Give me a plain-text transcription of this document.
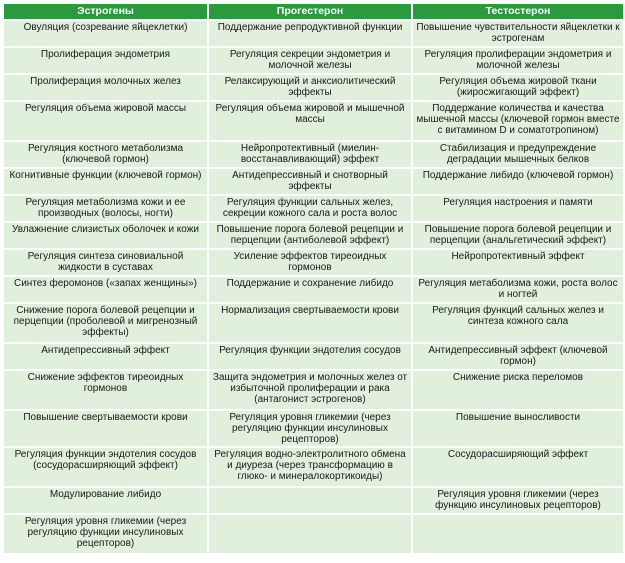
Эстрогены	Прогестерон	Тестостерон
Овуляция (созревание яйцеклетки)	Поддержание репродуктивной функции	Повышение чувствительности яйцеклетки к эстрогенам
Пролиферация эндометрия	Регуляция секреции эндометрия и молочной железы	Регуляция пролиферации эндометрия и молочной железы
Пролиферация молочных желез	Релаксирующий и анксиолитический эффекты	Регуляция объема жировой ткани (жиросжигающий эффект)
Регуляция объема жировой массы	Регуляция объема жировой и мышечной массы	Поддержание количества и качества мышечной массы (ключевой гормон вместе с витамином D и соматотропином)
Регуляция костного метаболизма (ключевой гормон)	Нейропротективный (миелин-восстанавливающий) эффект	Стабилизация и предупреждение деградации мышечных белков
Когнитивные функции (ключевой гормон)	Антидепрессивный и снотворный эффекты	Поддержание либидо (ключевой гормон)
Регуляция метаболизма кожи и ее производных (волосы, ногти)	Регуляция функции сальных желез, секреции кожного сала и роста волос	Регуляция настроения и памяти
Увлажнение слизистых оболочек и кожи	Повышение порога болевой рецепции и перцепции (антиболевой эффект)	Повышение порога болевой рецепции и перцепции (анальгетический эффект)
Регуляция синтеза синовиальной жидкости в суставах	Усиление эффектов тиреоидных гормонов	Нейропротективный эффект
Синтез феромонов («запах женщины»)	Поддержание и сохранение либидо	Регуляция метаболизма кожи, роста волос и ногтей
Снижение порога болевой рецепции и перцепции (проболевой и мигренозный эффекты)	Нормализация свертываемости крови	Регуляция функций сальных желез и синтеза кожного сала
Антидепрессивный эффект	Регуляция функции эндотелия сосудов	Антидепрессивный эффект (ключевой гормон)
Снижение эффектов тиреоидных гормонов	Защита эндометрия и молочных желез от избыточной пролиферации и рака (антагонист эстрогенов)	Снижение риска переломов
Повышение свертываемости крови	Регуляция уровня гликемии (через регуляцию функции инсулиновых рецепторов)	Повышение выносливости
Регуляция функции эндотелия сосудов (сосудорасширяющий эффект)	Регуляция водно-электролитного обмена и диуреза (через трансформацию в глюко- и минералокортикоиды)	Сосудорасширяющий эффект
Модулирование либидо		Регуляция уровня гликемии (через функцию инсулиновых рецепторов)
Регуляция уровня гликемии (через регуляцию функции инсулиновых рецепторов)		
